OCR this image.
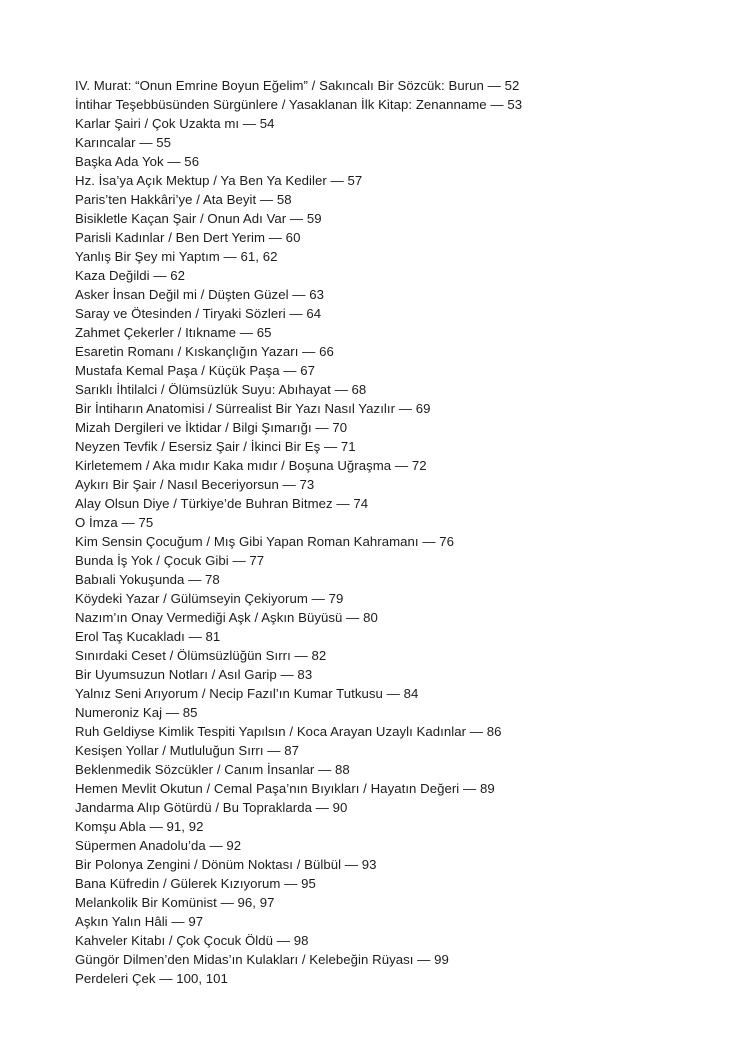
IV. Murat: “Onun Emrine Boyun Eğelim” / Sakıncalı Bir Sözcük: Burun — 52
İntihar Teşebbüsünden Sürgünlere / Yasaklanan İlk Kitap: Zenanname — 53
Karlar Şairi / Çok Uzakta mı — 54
Karıncalar — 55
Başka Ada Yok — 56
Hz. İsa’ya Açık Mektup / Ya Ben Ya Kediler — 57
Paris’ten Hakkâri’ye / Ata Beyit — 58
Bisikletle Kaçan Şair / Onun Adı Var — 59
Parisli Kadınlar / Ben Dert Yerim — 60
Yanlış Bir Şey mi Yaptım — 61, 62
Kaza Değildi — 62
Asker İnsan Değil mi / Düşten Güzel — 63
Saray ve Ötesinden / Tiryaki Sözleri — 64
Zahmet Çekerler / Itıkname — 65
Esaretin Romanı / Kıskançlığın Yazarı — 66
Mustafa Kemal Paşa / Küçük Paşa — 67
Sarıklı İhtilalci / Ölümsüzlük Suyu: Abıhayat — 68
Bir İntiharın Anatomisi / Sürrealist Bir Yazı Nasıl Yazılır — 69
Mizah Dergileri ve İktidar / Bilgi Şımarığı — 70
Neyzen Tevfik / Esersiz Şair / İkinci Bir Eş — 71
Kirletemem / Aka mıdır Kaka mıdır / Boşuna Uğraşma — 72
Aykırı Bir Şair / Nasıl Beceriyorsun — 73
Alay Olsun Diye / Türkiye’de Buhran Bitmez — 74
O İmza — 75
Kim Sensin Çocuğum / Mış Gibi Yapan Roman Kahramanı — 76
Bunda İş Yok / Çocuk Gibi — 77
Babıali Yokuşunda — 78
Köydeki Yazar / Gülümseyin Çekiyorum — 79
Nazım’ın Onay Vermediği Aşk / Aşkın Büyüsü — 80
Erol Taş Kucakladı — 81
Sınırdaki Ceset / Ölümsüzlüğün Sırrı — 82
Bir Uyumsuzun Notları / Asıl Garip — 83
Yalnız Seni Arıyorum / Necip Fazıl’ın Kumar Tutkusu — 84
Numeroniz Kaj — 85
Ruh Geldiyse Kimlik Tespiti Yapılsın / Koca Arayan Uzaylı Kadınlar — 86
Kesişen Yollar / Mutluluğun Sırrı — 87
Beklenmedik Sözcükler / Canım İnsanlar — 88
Hemen Mevlit Okutun / Cemal Paşa’nın Bıyıkları / Hayatın Değeri — 89
Jandarma Alıp Götürdü / Bu Topraklarda — 90
Komşu Abla — 91, 92
Süpermen Anadolu’da — 92
Bir Polonya Zengini / Dönüm Noktası / Bülbül — 93
Bana Küfredin / Gülerek Kızıyorum — 95
Melankolik Bir Komünist — 96, 97
Aşkın Yalın Hâli — 97
Kahveler Kitabı / Çok Çocuk Öldü — 98
Güngör Dilmen’den Midas’ın Kulakları / Kelebeğin Rüyası — 99
Perdeleri Çek — 100, 101
